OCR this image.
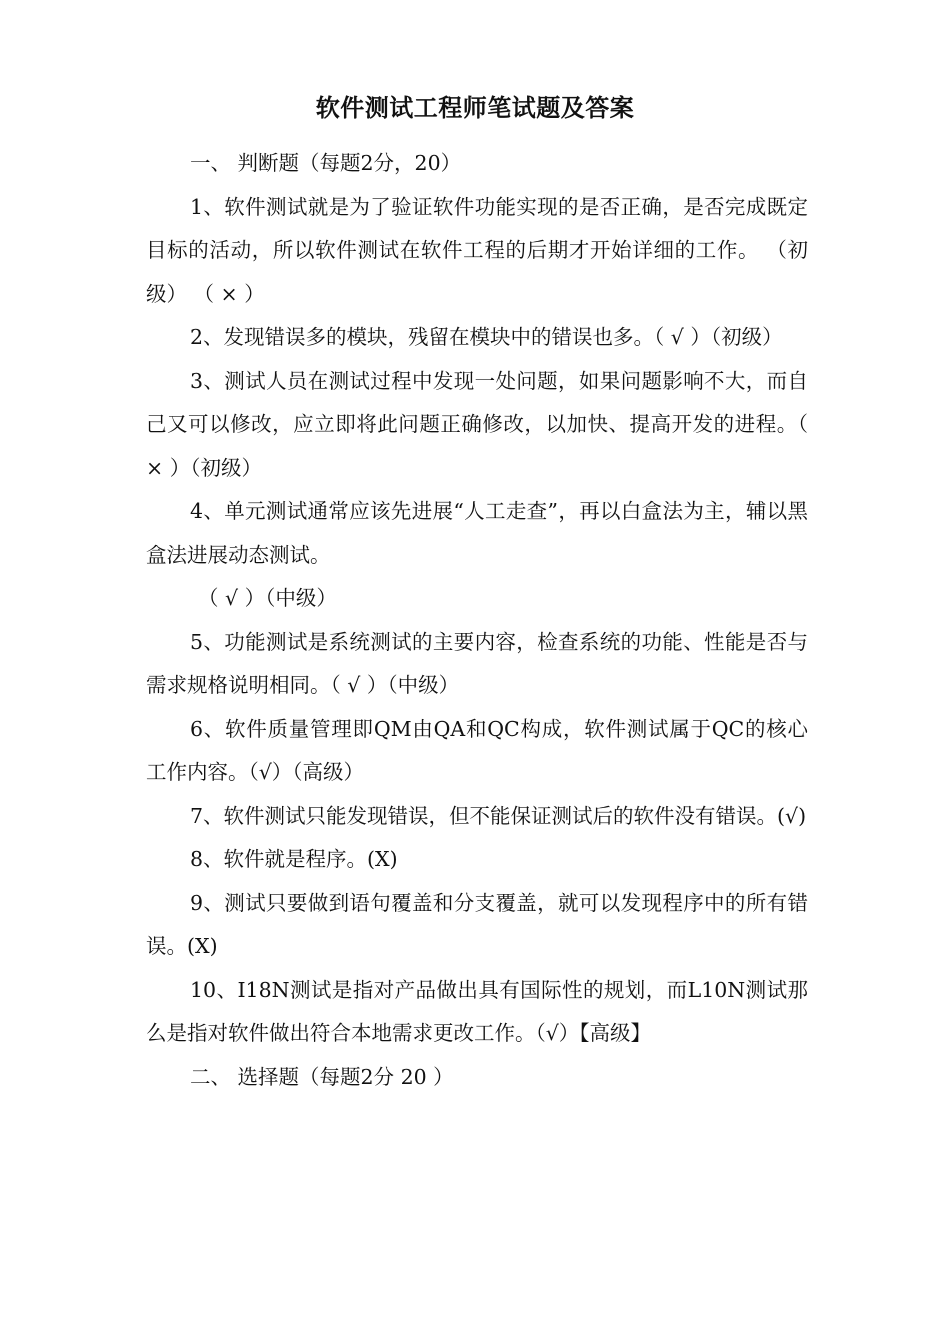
软件测试工程师笔试题及答案

一、 判断题（每题2分，20）

1、软件测试就是为了验证软件功能实现的是否正确，是否完成既定目标的活动，所以软件测试在软件工程的后期才开始详细的工作。 （初级） （ × ）

2、发现错误多的模块，残留在模块中的错误也多。（ √ ）（初级）

3、测试人员在测试过程中发现一处问题，如果问题影响不大，而自己又可以修改，应立即将此问题正确修改，以加快、提高开发的进程。（ × ）（初级）

4、单元测试通常应该先进展“人工走查”，再以白盒法为主，辅以黑盒法进展动态测试。

（ √ ）（中级）

5、功能测试是系统测试的主要内容，检查系统的功能、性能是否与需求规格说明相同。（ √ ）（中级）

6、软件质量管理即QM由QA和QC构成，软件测试属于QC的核心工作内容。（√）（高级）

7、软件测试只能发现错误，但不能保证测试后的软件没有错误。(√)

8、软件就是程序。(X)

9、测试只要做到语句覆盖和分支覆盖，就可以发现程序中的所有错误。(X)

10、I18N测试是指对产品做出具有国际性的规划，而L10N测试那么是指对软件做出符合本地需求更改工作。（√）【高级】

二、 选择题（每题2分 20 ）
